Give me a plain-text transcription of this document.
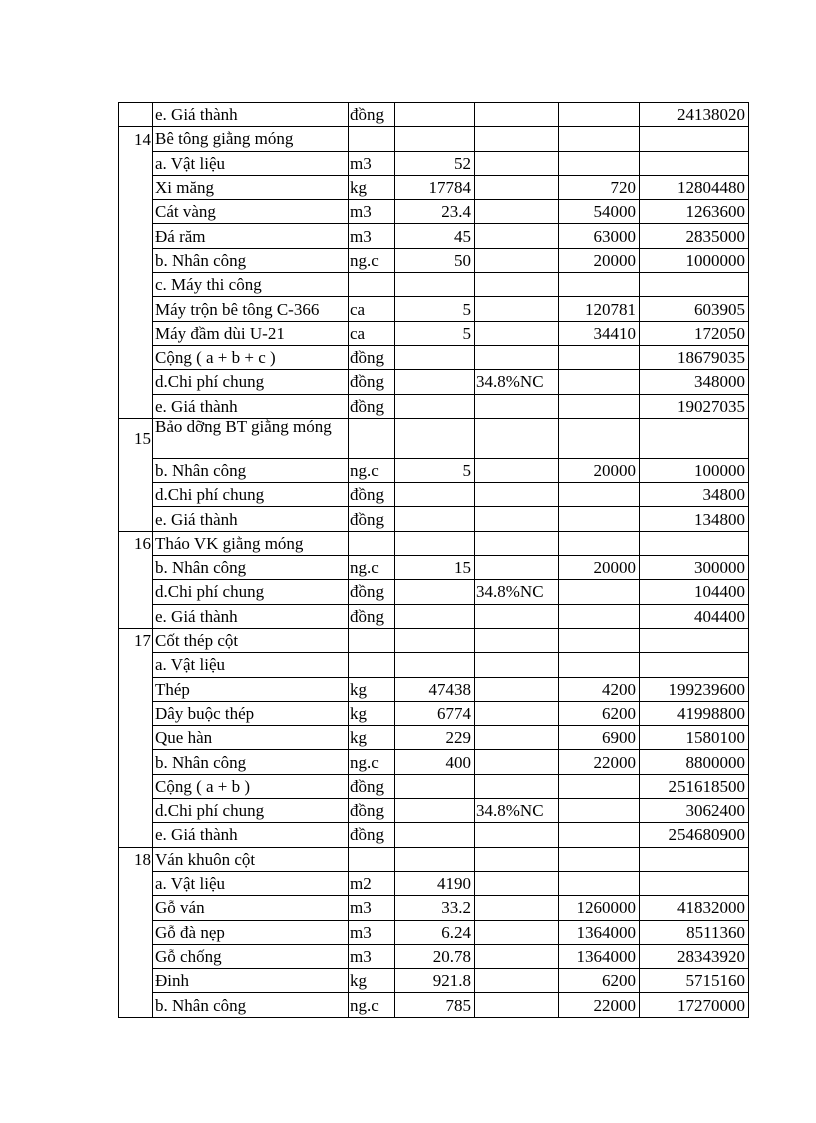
	e. Giá thành	đồng				24138020
14	Bê tông giằng móng					
	a. Vật liệu	m3	52			
	Xi măng	kg	17784		720	12804480
	Cát vàng	m3	23.4		54000	1263600
	Đá răm	m3	45		63000	2835000
	b. Nhân công	ng.c	50		20000	1000000
	c. Máy thi công					
	Máy trộn bê tông C-366	ca	5		120781	603905
	Máy đầm dùi U-21	ca	5		34410	172050
	Cộng ( a + b + c )	đồng				18679035
	d.Chi phí chung	đồng		34.8%NC		348000
	e. Giá thành	đồng				19027035
15	Bảo dỡng BT giằng móng					
	b. Nhân công	ng.c	5		20000	100000
	d.Chi phí chung	đồng				34800
	e. Giá thành	đồng				134800
16	Tháo VK giằng móng					
	b. Nhân công	ng.c	15		20000	300000
	d.Chi phí chung	đồng		34.8%NC		104400
	e. Giá thành	đồng				404400
17	Cốt thép cột					
	a. Vật liệu					
	Thép	kg	47438		4200	199239600
	Dây buộc thép	kg	6774		6200	41998800
	Que hàn	kg	229		6900	1580100
	b. Nhân công	ng.c	400		22000	8800000
	Cộng ( a + b )	đồng				251618500
	d.Chi phí chung	đồng		34.8%NC		3062400
	e. Giá thành	đồng				254680900
18	Ván khuôn cột					
	a. Vật liệu	m2	4190			
	Gỗ ván	m3	33.2		1260000	41832000
	Gỗ đà nẹp	m3	6.24		1364000	8511360
	Gỗ chống	m3	20.78		1364000	28343920
	Đinh	kg	921.8		6200	5715160
	b. Nhân công	ng.c	785		22000	17270000
